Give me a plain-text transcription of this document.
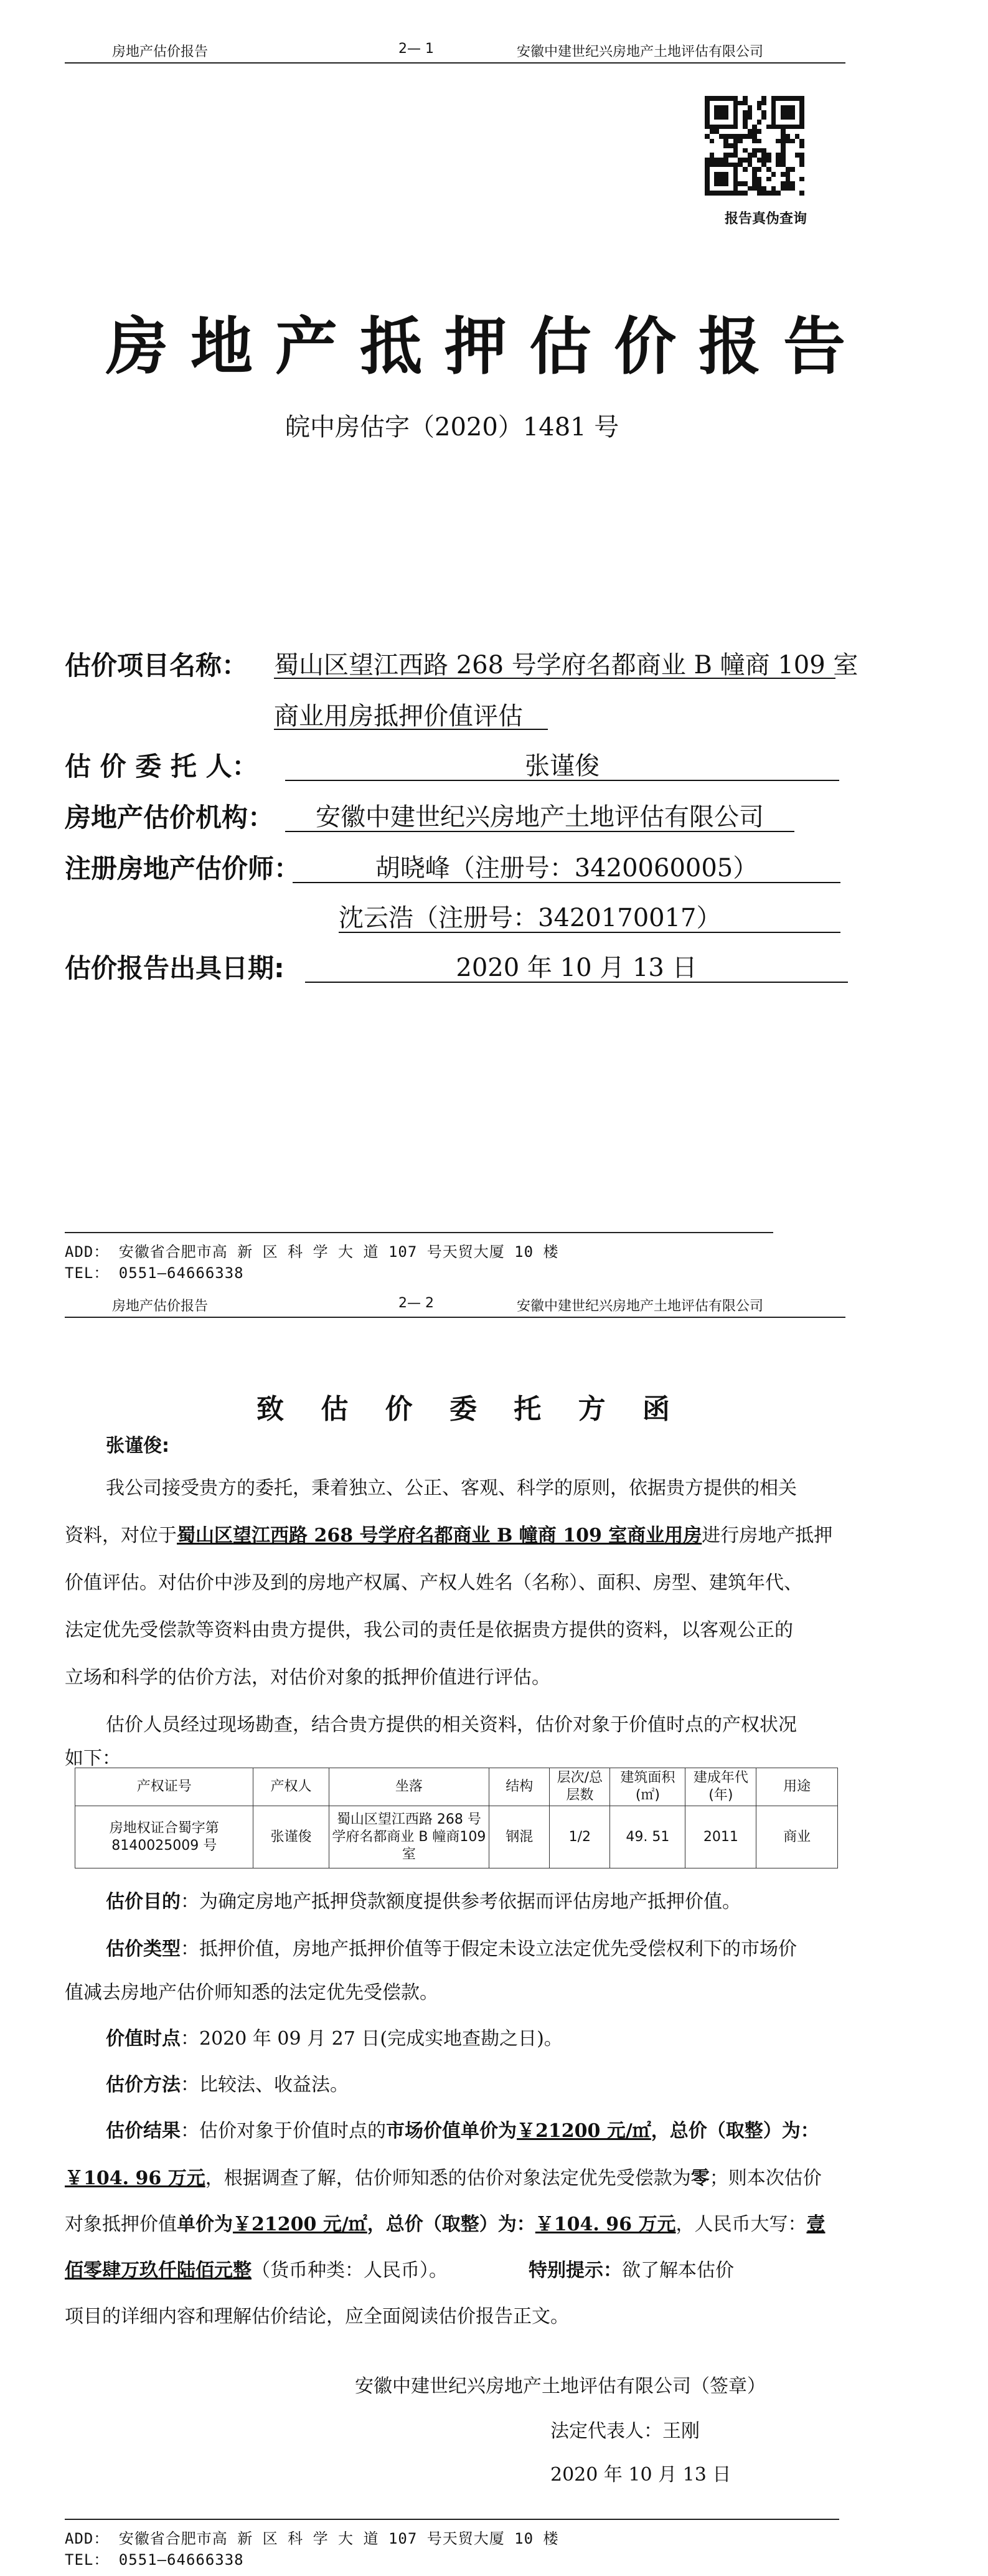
房地产估价报告	2— 1	安徽中建世纪兴房地产土地评估有限公司
报告真伪查询
房地产抵押估价报告
皖中房估字（2020）1481 号
估价项目名称： 蜀山区望江西路 268 号学府名都商业 B 幢商 109 室
商业用房抵押价值评估
估 价 委 托 人：	张谨俊
房地产估价机构：	安徽中建世纪兴房地产土地评估有限公司
注册房地产估价师：	胡晓峰（注册号：3420060005）
沈云浩（注册号：3420170017）
估价报告出具日期:	2020 年 10 月 13 日
ADD： 安徽省合肥市高 新 区 科 学 大 道 107 号天贸大厦 10 楼
TEL： 0551—64666338
房地产估价报告	2— 2	安徽中建世纪兴房地产土地评估有限公司
致 估 价 委 托 方 函
张谨俊:
我公司接受贵方的委托，秉着独立、公正、客观、科学的原则，依据贵方提供的相关
资料，对位于蜀山区望江西路 268 号学府名都商业 B 幢商 109 室商业用房进行房地产抵押
价值评估。对估价中涉及到的房地产权属、产权人姓名（名称）、面积、房型、建筑年代、
法定优先受偿款等资料由贵方提供，我公司的责任是依据贵方提供的资料，以客观公正的
立场和科学的估价方法，对估价对象的抵押价值进行评估。
估价人员经过现场勘查，结合贵方提供的相关资料，估价对象于价值时点的产权状况
如下：
产权证号	产权人	坐落	结构	层次/总层数	建筑面积(㎡)	建成年代(年)	用途
房地权证合蜀字第8140025009 号	张谨俊	蜀山区望江西路 268 号学府名都商业 B 幢商109 室	钢混	1/2	49. 51	2011	商业
估价目的：为确定房地产抵押贷款额度提供参考依据而评估房地产抵押价值。
估价类型：抵押价值，房地产抵押价值等于假定未设立法定优先受偿权利下的市场价
值减去房地产估价师知悉的法定优先受偿款。
价值时点：2020 年 09 月 27 日(完成实地查勘之日)。
估价方法：比较法、收益法。
估价结果：估价对象于价值时点的市场价值单价为￥21200 元/㎡，总价（取整）为：
￥104. 96 万元，根据调查了解，估价师知悉的估价对象法定优先受偿款为零；则本次估价
对象抵押价值单价为￥21200 元/㎡，总价（取整）为：￥104. 96 万元，人民币大写：壹
佰零肆万玖仟陆佰元整（货币种类：人民币）。	特别提示：欲了解本估价
项目的详细内容和理解估价结论，应全面阅读估价报告正文。
安徽中建世纪兴房地产土地评估有限公司（签章）
法定代表人：王刚
2020 年 10 月 13 日
ADD： 安徽省合肥市高 新 区 科 学 大 道 107 号天贸大厦 10 楼
TEL： 0551—64666338
